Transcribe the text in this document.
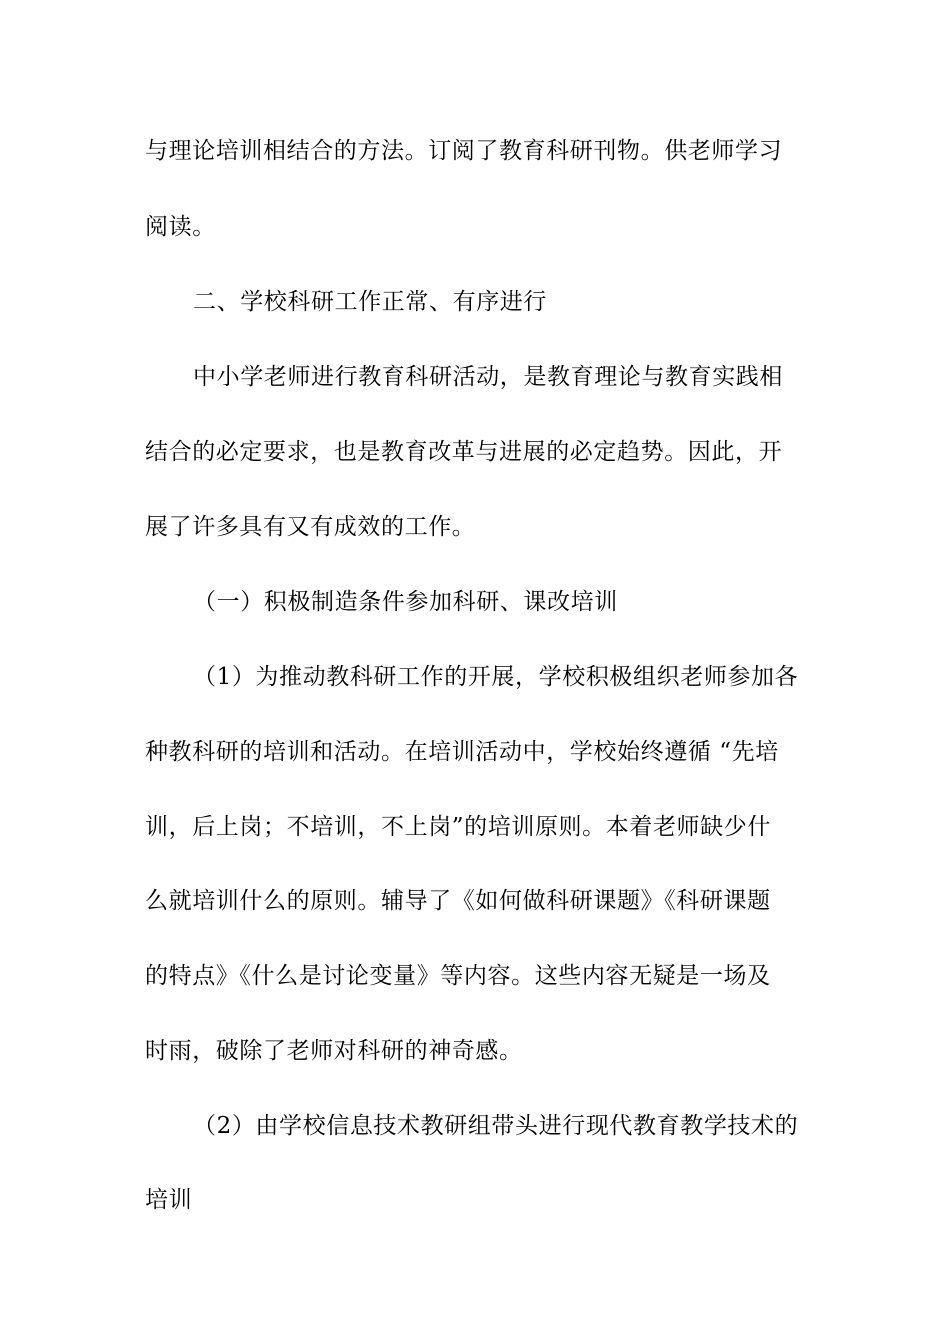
与理论培训相结合的方法。订阅了教育科研刊物。供老师学习
阅读。
二、学校科研工作正常、有序进行
中小学老师进行教育科研活动，是教育理论与教育实践相
结合的必定要求，也是教育改革与进展的必定趋势。因此，开
展了许多具有又有成效的工作。
（一）积极制造条件参加科研、课改培训
（1）为推动教科研工作的开展，学校积极组织老师参加各
种教科研的培训和活动。在培训活动中，学校始终遵循 “先培
训，后上岗；不培训，不上岗”的培训原则。本着老师缺少什
么就培训什么的原则。辅导了《如何做科研课题》《科研课题
的特点》《什么是讨论变量》等内容。这些内容无疑是一场及
时雨，破除了老师对科研的神奇感。
（2）由学校信息技术教研组带头进行现代教育教学技术的
培训
